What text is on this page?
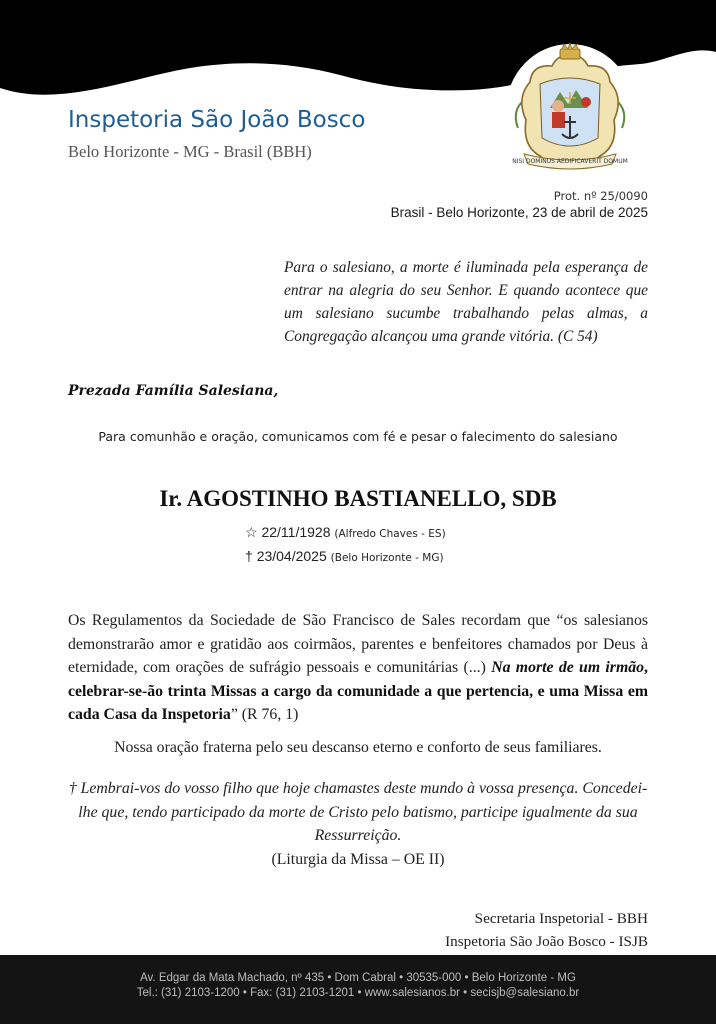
NISI DOMINUS AEDIFICAVERIT DOMUM
Inspetoria São João Bosco
Belo Horizonte - MG - Brasil (BBH)
Prot. nº 25/0090
Brasil - Belo Horizonte, 23 de abril de 2025
Para o salesiano, a morte é iluminada pela esperança de entrar na alegria do seu Senhor. E quando acontece que um salesiano sucumbe trabalhando pelas almas, a Congregação alcançou uma grande vitória. (C 54)
Prezada Família Salesiana,
Para comunhão e oração, comunicamos com fé e pesar o falecimento do salesiano
Ir. AGOSTINHO BASTIANELLO, SDB
☆ 22/11/1928 (Alfredo Chaves - ES)
† 23/04/2025 (Belo Horizonte - MG)
Os Regulamentos da Sociedade de São Francisco de Sales recordam que “os salesianos demonstrarão amor e gratidão aos coirmãos, parentes e benfeitores chamados por Deus à eternidade, com orações de sufrágio pessoais e comunitárias (...) Na morte de um irmão, celebrar-se-ão trinta Missas a cargo da comunidade a que pertencia, e uma Missa em cada Casa da Inspetoria” (R 76, 1)
Nossa oração fraterna pelo seu descanso eterno e conforto de seus familiares.
† Lembrai-vos do vosso filho que hoje chamastes deste mundo à vossa presença. Concedei-lhe que, tendo participado da morte de Cristo pelo batismo, participe igualmente da sua Ressurreição.
(Liturgia da Missa – OE II)
Secretaria Inspetorial - BBH
Inspetoria São João Bosco - ISJB
Av. Edgar da Mata Machado, nº 435 • Dom Cabral • 30535-000 • Belo Horizonte - MG
Tel.: (31) 2103-1200 • Fax: (31) 2103-1201 • www.salesianos.br • secisjb@salesiano.br
